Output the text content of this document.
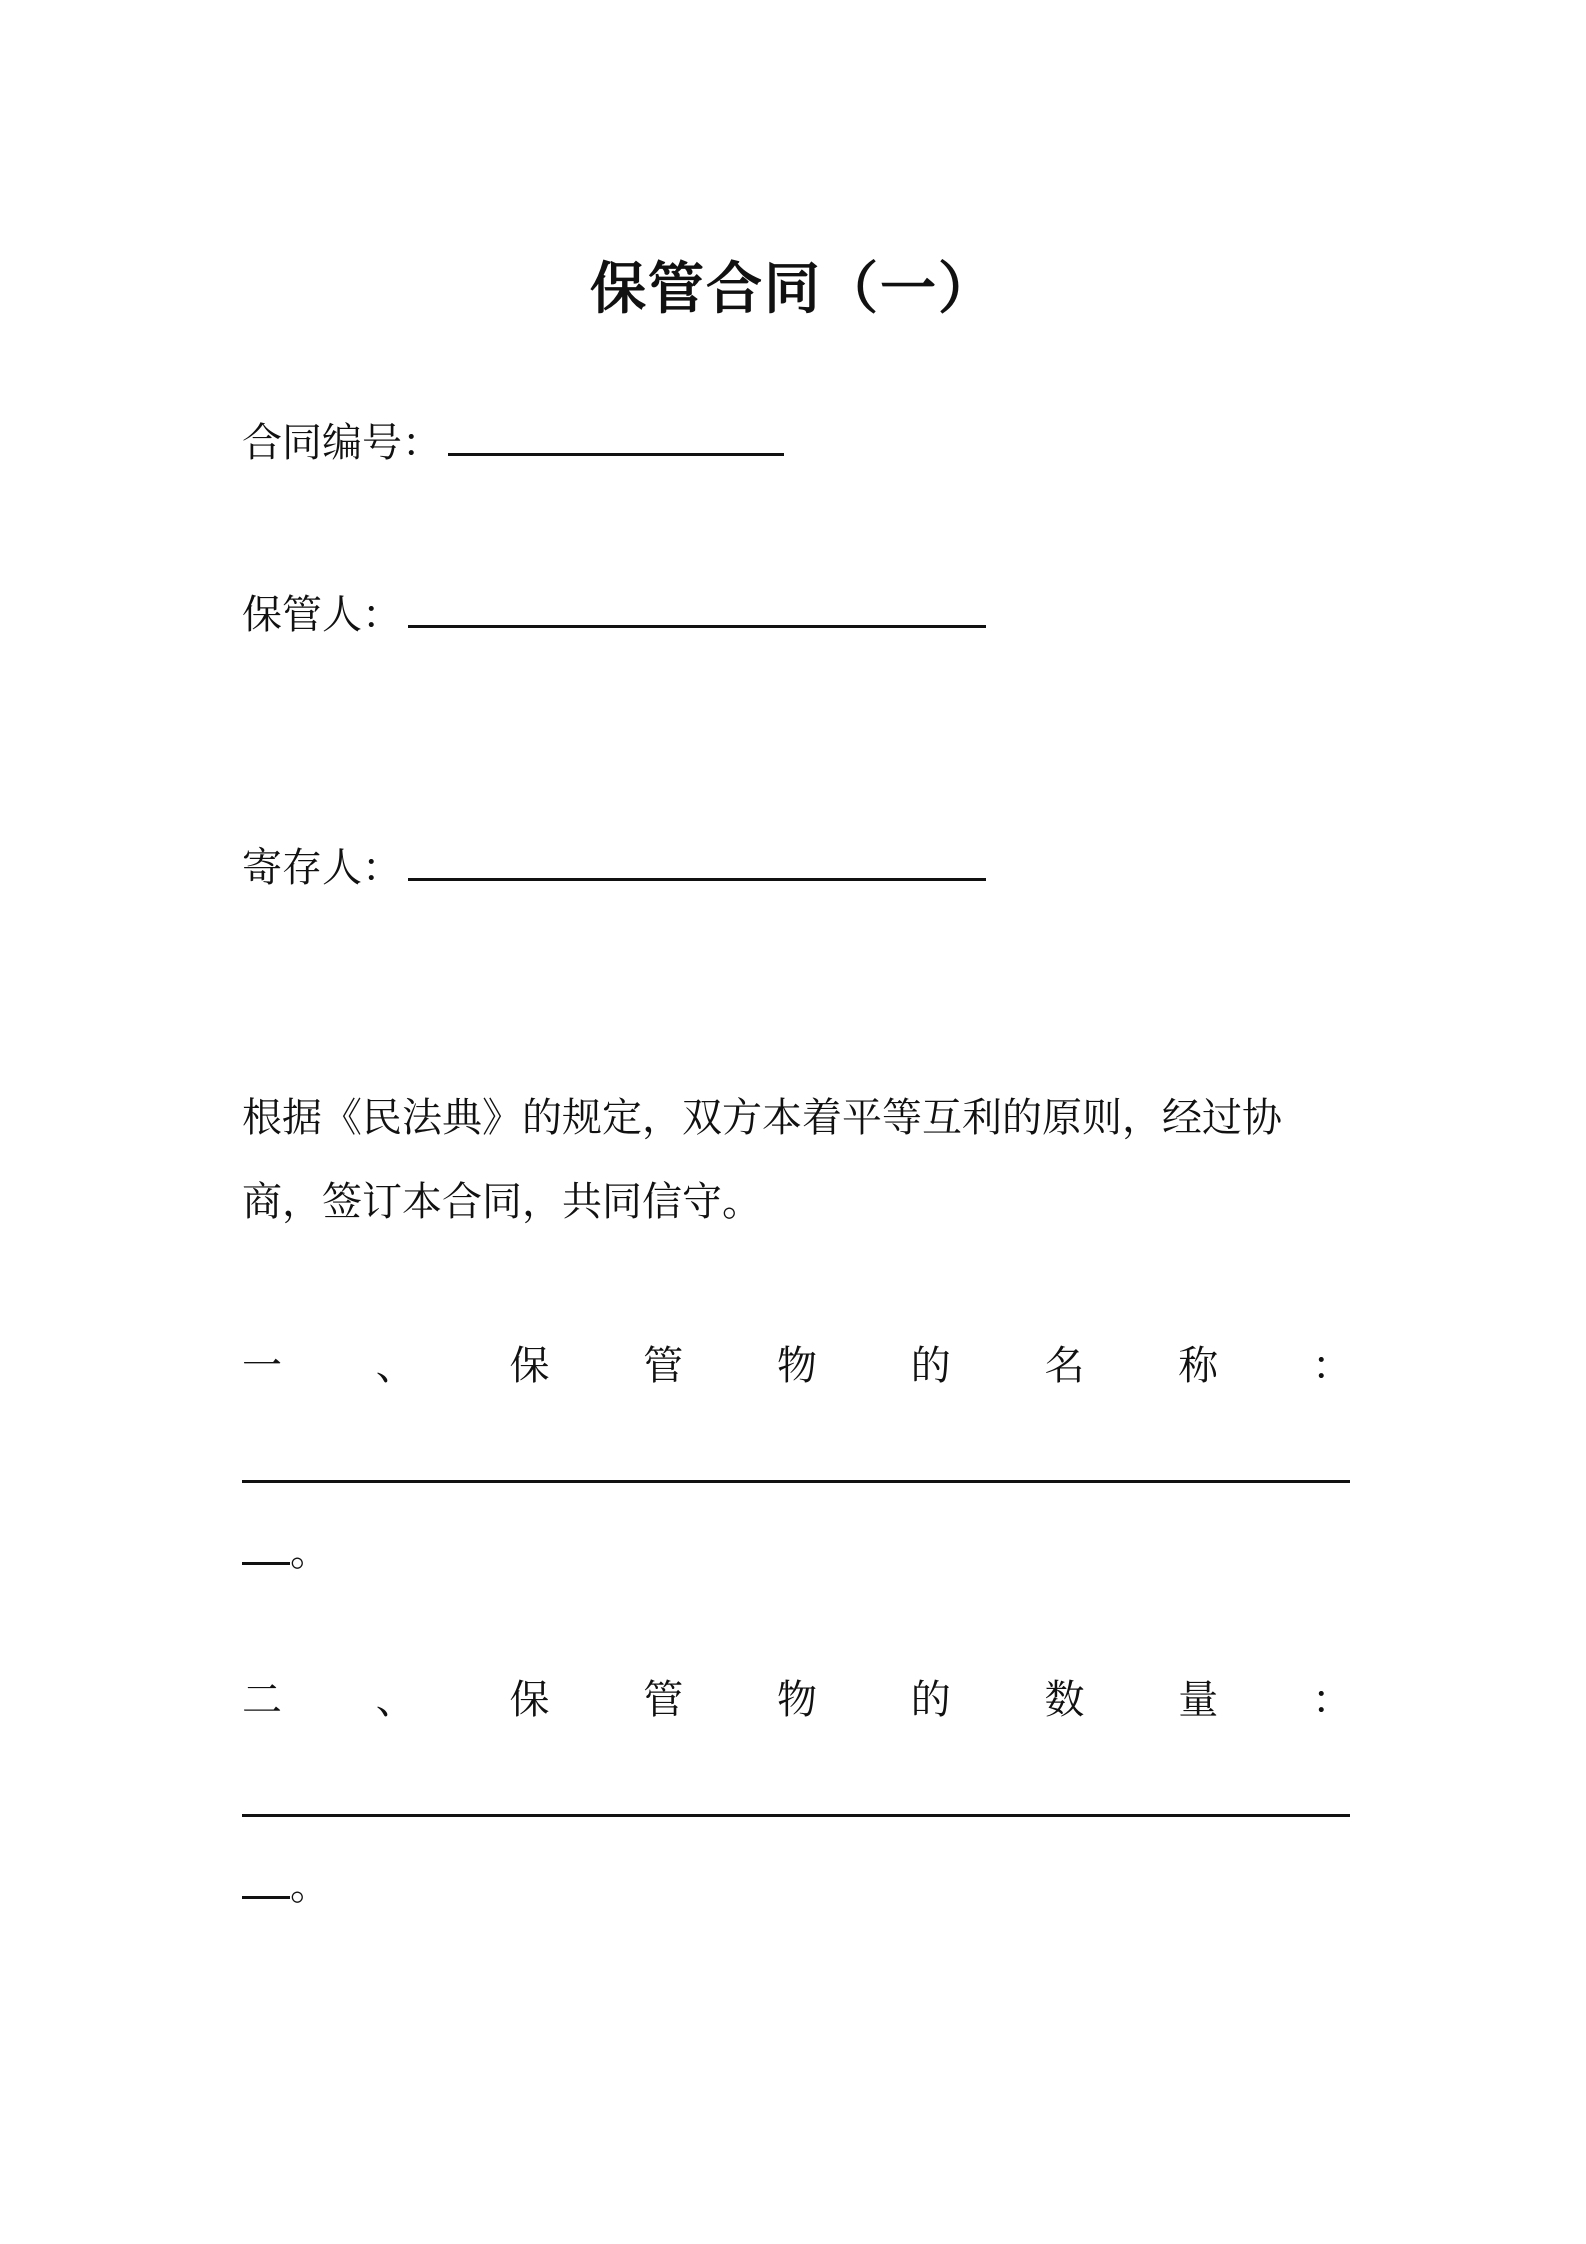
保管合同（一）
合同编号：
保管人：
寄存人：
根据《民法典》的规定，双方本着平等互利的原则，经过协商，签订本合同，共同信守。
一 、 保 管 物 的 名 称 ：
。
二 、 保 管 物 的 数 量 ：
。
